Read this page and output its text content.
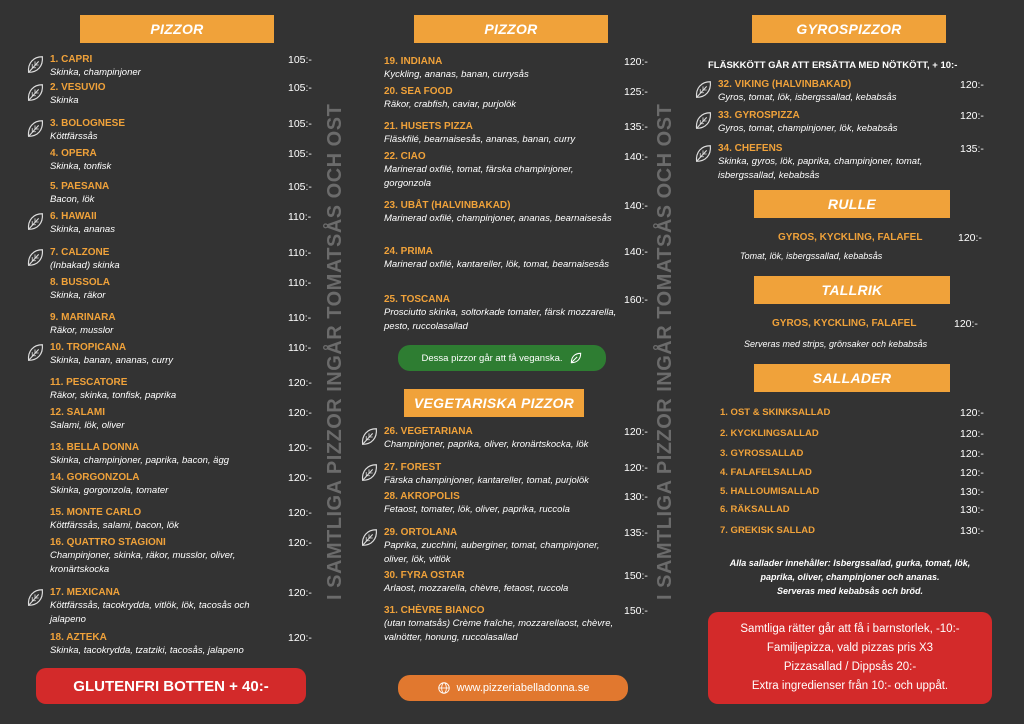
PIZZOR
1. CAPRI
Skinka, champinjoner
105:-
2. VESUVIO
Skinka
105:-
3. BOLOGNESE
Köttfärssås
105:-
4. OPERA
Skinka, tonfisk
105:-
5. PAESANA
Bacon, lök
105:-
6. HAWAII
Skinka, ananas
110:-
7. CALZONE
(Inbakad) skinka
110:-
8. BUSSOLA
Skinka, räkor
110:-
9. MARINARA
Räkor, musslor
110:-
10. TROPICANA
Skinka, banan, ananas, curry
110:-
11. PESCATORE
Räkor, skinka, tonfisk, paprika
120:-
12. SALAMI
Salami, lök, oliver
120:-
13. BELLA DONNA
Skinka, champinjoner, paprika, bacon, ägg
120:-
14. GORGONZOLA
Skinka, gorgonzola, tomater
120:-
15. MONTE CARLO
Köttfärssås, salami, bacon, lök
120:-
16. QUATTRO STAGIONI
Champinjoner, skinka, räkor, musslor, oliver, kronärtskocka
120:-
17. MEXICANA
Köttfärssås, tacokrydda, vitlök, lök, tacosås och jalapeno
120:-
18. AZTEKA
Skinka, tacokrydda, tzatziki, tacosås, jalapeno
120:-
GLUTENFRI BOTTEN + 40:-
I SAMTLIGA PIZZOR INGÅR TOMATSÅS OCH OST
PIZZOR
19. INDIANA
Kyckling, ananas, banan, currysås
120:-
20. SEA FOOD
Räkor, crabfish, caviar, purjolök
125:-
21. HUSETS PIZZA
Fläskfilé, bearnaisesås, ananas, banan, curry
135:-
22. CIAO
Marinerad oxfilé, tomat, färska champinjoner, gorgonzola
140:-
23. UBÅT (HALVINBAKAD)
Marinerad oxfilé, champinjoner, ananas, bearnaisesås
140:-
24. PRIMA
Marinerad oxfilé, kantareller, lök, tomat, bearnaisesås
140:-
25. TOSCANA
Prosciutto skinka, soltorkade tomater, färsk mozzarella, pesto, ruccolasallad
160:-
Dessa pizzor går att få veganska.
VEGETARISKA PIZZOR
26. VEGETARIANA
Champinjoner, paprika, oliver, kronärtskocka, lök
120:-
27. FOREST
Färska champinjoner, kantareller, tomat, purjolök
120:-
28. AKROPOLIS
Fetaost, tomater, lök, oliver, paprika, ruccola
130:-
29. ORTOLANA
Paprika, zucchini, auberginer, tomat, champinjoner, oliver, lök, vitlök
135:-
30. FYRA OSTAR
Arlaost, mozzarella, chèvre, fetaost, ruccola
150:-
31. CHÈVRE BIANCO
(utan tomatsås) Crème fraîche, mozzarellaost, chèvre, valnötter, honung, ruccolasallad
150:-
www.pizzeriabelladonna.se
I SAMTLIGA PIZZOR INGÅR TOMATSÅS OCH OST
GYROSPIZZOR
FLÄSKKÖTT GÅR ATT ERSÄTTA MED NÖTKÖTT, + 10:-
32. VIKING (HALVINBAKAD)
Gyros, tomat, lök, isbergssallad, kebabsås
120:-
33. GYROSPIZZA
Gyros, tomat, champinjoner, lök, kebabsås
120:-
34. CHEFENS
Skinka, gyros, lök, paprika, champinjoner, tomat, isbergssallad, kebabsås
135:-
RULLE
GYROS, KYCKLING, FALAFEL	120:-
Tomat, lök, isbergssallad, kebabsås
TALLRIK
GYROS, KYCKLING, FALAFEL	120:-
Serveras med strips, grönsaker och kebabsås
SALLADER
1. OST & SKINKSALLAD	120:-
2. KYCKLINGSALLAD	120:-
3. GYROSSALLAD	120:-
4. FALAFELSALLAD	120:-
5. HALLOUMISALLAD	130:-
6. RÄKSALLAD	130:-
7. GREKISK SALLAD	130:-
Alla sallader innehåller: Isbergssallad, gurka, tomat, lök,
paprika, oliver, champinjoner och ananas.
Serveras med kebabsås och bröd.
Samtliga rätter går att få i barnstorlek, -10:-
Familjepizza, vald pizzas pris X3
Pizzasallad / Dippsås 20:-
Extra ingredienser från 10:- och uppåt.
